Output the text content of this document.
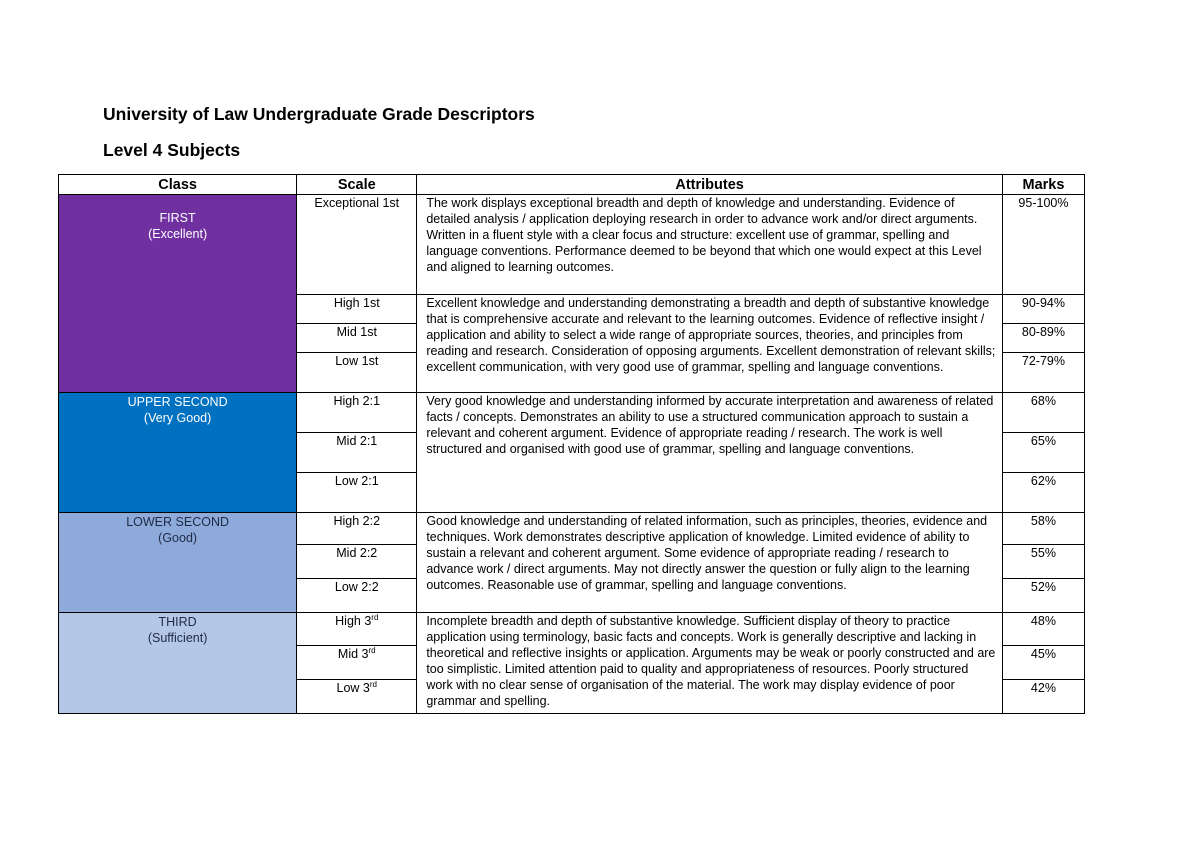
University of Law Undergraduate Grade Descriptors
Level 4 Subjects
Class	Scale	Attributes	Marks

FIRST
(Excellent)	Exceptional 1st	The work displays exceptional breadth and depth of knowledge and understanding. Evidence of detailed analysis / application deploying research in order to advance work and/or direct arguments. Written in a fluent style with a clear focus and structure: excellent use of grammar, spelling and language conventions. Performance deemed to be beyond that which one would expect at this Level and aligned to learning outcomes.	95-100%
	High 1st	Excellent knowledge and understanding demonstrating a breadth and depth of substantive knowledge that is comprehensive accurate and relevant to the learning outcomes. Evidence of reflective insight / application and ability to select a wide range of appropriate sources, theories, and principles from reading and research. Consideration of opposing arguments. Excellent demonstration of relevant skills; excellent communication, with very good use of grammar, spelling and language conventions.	90-94%
	Mid 1st		80-89%
	Low 1st		72-79%

UPPER SECOND
(Very Good)	High 2:1	Very good knowledge and understanding informed by accurate interpretation and awareness of related facts / concepts. Demonstrates an ability to use a structured communication approach to sustain a relevant and coherent argument. Evidence of appropriate reading / research. The work is well structured and organised with good use of grammar, spelling and language conventions.	68%
	Mid 2:1		65%
	Low 2:1		62%

LOWER SECOND
(Good)	High 2:2	Good knowledge and understanding of related information, such as principles, theories, evidence and techniques. Work demonstrates descriptive application of knowledge. Limited evidence of ability to sustain a relevant and coherent argument. Some evidence of appropriate reading / research to advance work / direct arguments. May not directly answer the question or fully align to the learning outcomes. Reasonable use of grammar, spelling and language conventions.	58%
	Mid 2:2		55%
	Low 2:2		52%

THIRD
(Sufficient)	High 3rd	Incomplete breadth and depth of substantive knowledge. Sufficient display of theory to practice application using terminology, basic facts and concepts. Work is generally descriptive and lacking in theoretical and reflective insights or application. Arguments may be weak or poorly constructed and are too simplistic. Limited attention paid to quality and appropriateness of resources. Poorly structured work with no clear sense of organisation of the material. The work may display evidence of poor grammar and spelling.	48%
	Mid 3rd		45%
	Low 3rd		42%
